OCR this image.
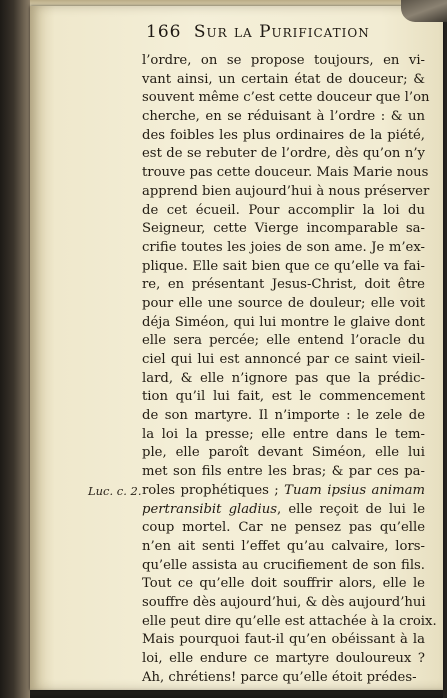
166 Sur la Purification
l’ordre, on se propose toujours, en vi-
vant ainsi, un certain état de douceur; &
souvent même c’est cette douceur que l’on
cherche, en se réduisant à l’ordre : & un
des foibles les plus ordinaires de la piété,
est de se rebuter de l’ordre, dès qu’on n’y
trouve pas cette douceur. Mais Marie nous
apprend bien aujourd’hui à nous préserver
de cet écueil. Pour accomplir la loi du
Seigneur, cette Vierge incomparable sa-
crifie toutes les joies de son ame. Je m’ex-
plique. Elle sait bien que ce qu’elle va fai-
re, en présentant Jesus-Christ, doit être
pour elle une source de douleur; elle voit
déja Siméon, qui lui montre le glaive dont
elle sera percée; elle entend l’oracle du
ciel qui lui est annoncé par ce saint vieil-
lard, & elle n’ignore pas que la prédic-
tion qu’il lui fait, est le commencement
de son martyre. Il n’importe : le zele de
la loi la presse; elle entre dans le tem-
ple, elle paroît devant Siméon, elle lui
met son fils entre les bras; & par ces pa-
roles prophétiques ; Tuam ipsius animam
pertransibit gladius, elle reçoit de lui le
coup mortel. Car ne pensez pas qu’elle
n’en ait senti l’effet qu’au calvaire, lors-
qu’elle assista au crucifiement de son fils.
Tout ce qu’elle doit souffrir alors, elle le
souffre dès aujourd’hui, & dès aujourd’hui
elle peut dire qu’elle est attachée à la croix.
Mais pourquoi faut-il qu’en obéissant à la
loi, elle endure ce martyre douloureux ?
Ah, chrétiens! parce qu’elle étoit prédes-
Luc. c. 2.
